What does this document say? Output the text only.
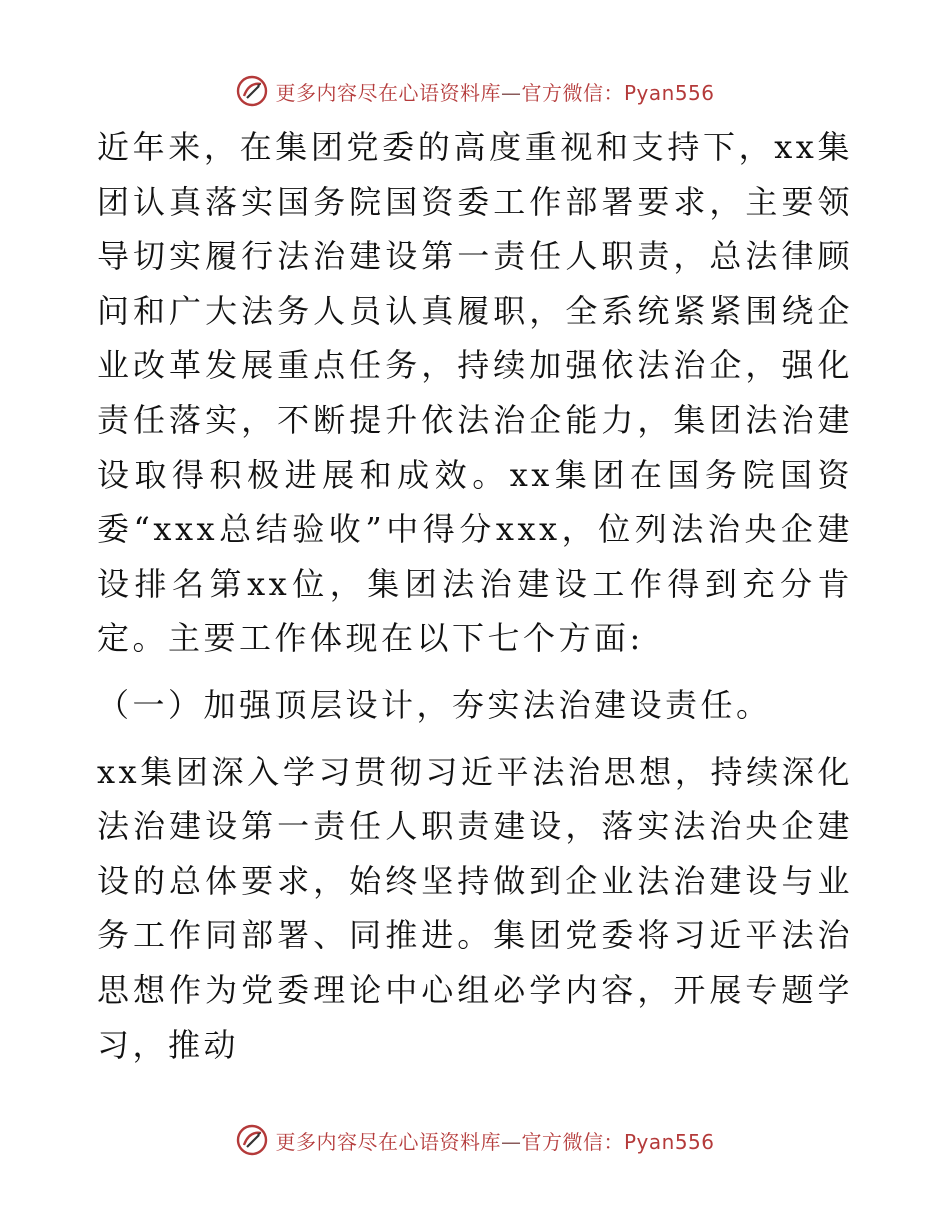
更多内容尽在心语资料库—官方微信：Pyan556

近年来，在集团党委的高度重视和支持下，xx集团认真落实国务院国资委工作部署要求，主要领导切实履行法治建设第一责任人职责，总法律顾问和广大法务人员认真履职，全系统紧紧围绕企业改革发展重点任务，持续加强依法治企，强化责任落实，不断提升依法治企能力，集团法治建设取得积极进展和成效。xx集团在国务院国资委“xxx总结验收”中得分xxx，位列法治央企建设排名第xx位，集团法治建设工作得到充分肯定。主要工作体现在以下七个方面:

（一）加强顶层设计，夯实法治建设责任。

xx集团深入学习贯彻习近平法治思想，持续深化法治建设第一责任人职责建设，落实法治央企建设的总体要求，始终坚持做到企业法治建设与业务工作同部署、同推进。集团党委将习近平法治思想作为党委理论中心组必学内容，开展专题学习，推动

更多内容尽在心语资料库—官方微信：Pyan556
